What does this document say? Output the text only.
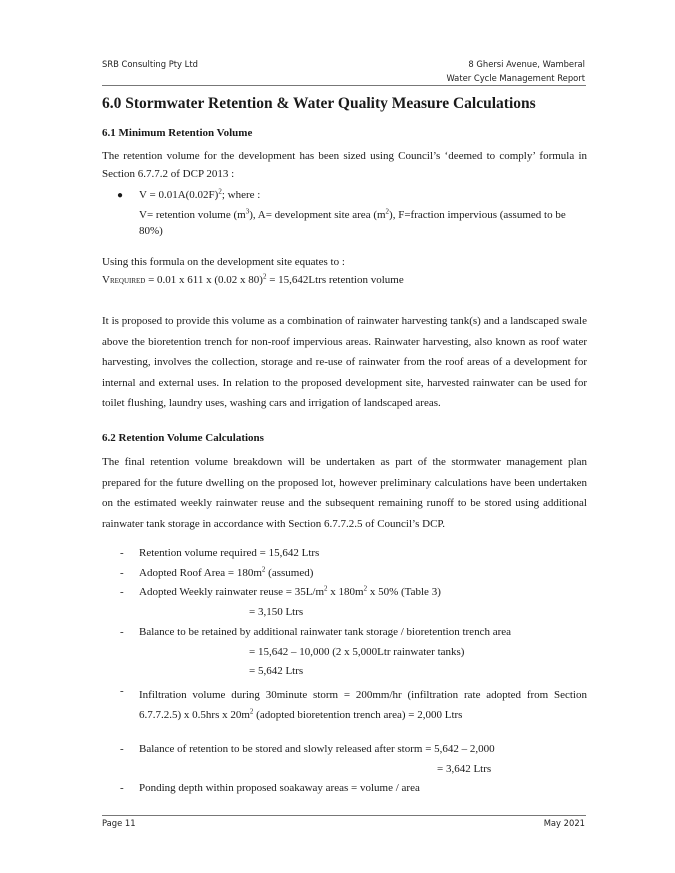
SRB Consulting Pty Ltd	8 Ghersi Avenue, Wamberal
Water Cycle Management Report
6.0 Stormwater Retention & Water Quality Measure Calculations
6.1 Minimum Retention Volume
The retention volume for the development has been sized using Council’s ‘deemed to comply’ formula in Section 6.7.7.2 of DCP 2013 :
● $V = 0.01A(0.02F)^2$; where :
V= retention volume $(m^3)$, A= development site area $(m^2)$, F=fraction impervious (assumed to be 80%)
Using this formula on the development site equates to :
VREQUIRED = 0.01 x 611 x (0.02 x 80)$^2$ = 15,642Ltrs retention volume
It is proposed to provide this volume as a combination of rainwater harvesting tank(s) and a landscaped swale above the bioretention trench for non-roof impervious areas. Rainwater harvesting, also known as roof water harvesting, involves the collection, storage and re-use of rainwater from the roof areas of a development for internal and external uses. In relation to the proposed development site, harvested rainwater can be used for toilet flushing, laundry uses, washing cars and irrigation of landscaped areas.
6.2 Retention Volume Calculations
The final retention volume breakdown will be undertaken as part of the stormwater management plan prepared for the future dwelling on the proposed lot, however preliminary calculations have been undertaken on the estimated weekly rainwater reuse and the subsequent remaining runoff to be stored using additional rainwater tank storage in accordance with Section 6.7.7.2.5 of Council’s DCP.
- Retention volume required = 15,642 Ltrs
- Adopted Roof Area = $180m^2$ (assumed)
- Adopted Weekly rainwater reuse = $35L/m^2$ x $180m^2$ x 50% (Table 3)
= 3,150 Ltrs
- Balance to be retained by additional rainwater tank storage / bioretention trench area
= 15,642 – 10,000 (2 x 5,000Ltr rainwater tanks)
= 5,642 Ltrs
- Infiltration volume during 30minute storm = 200mm/hr (infiltration rate adopted from Section 6.7.7.2.5) x 0.5hrs x $20m^2$ (adopted bioretention trench area) = 2,000 Ltrs
- Balance of retention to be stored and slowly released after storm = 5,642 – 2,000
= 3,642 Ltrs
- Ponding depth within proposed soakaway areas = volume / area
Page 11	May 2021
